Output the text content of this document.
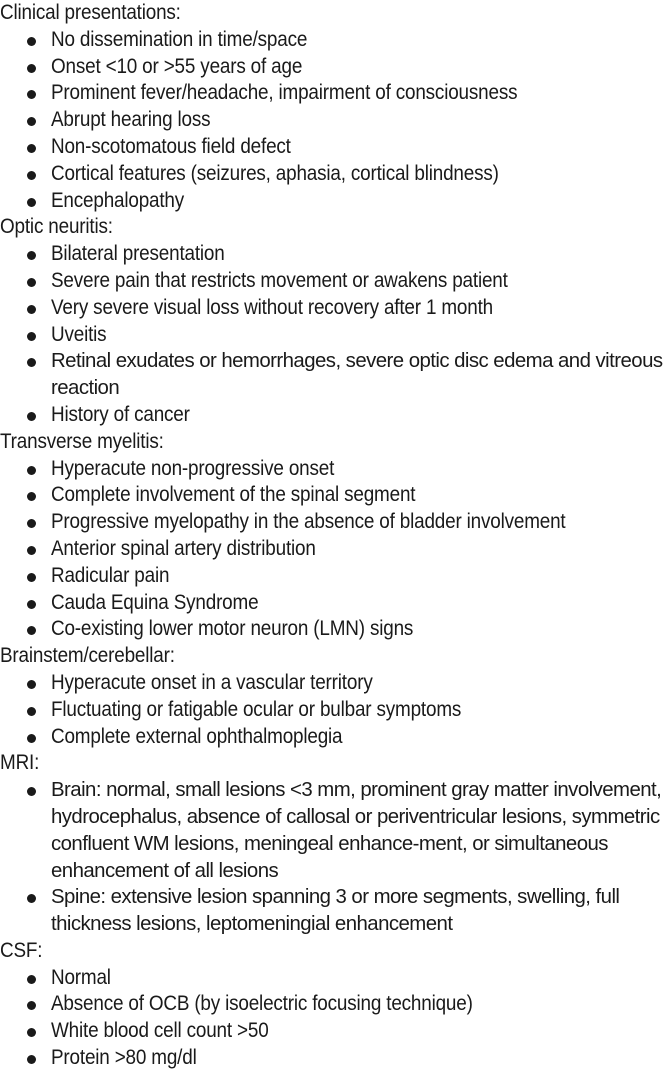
Clinical presentations:
No dissemination in time/space
Onset <10 or >55 years of age
Prominent fever/headache, impairment of consciousness
Abrupt hearing loss
Non-scotomatous field defect
Cortical features (seizures, aphasia, cortical blindness)
Encephalopathy
Optic neuritis:
Bilateral presentation
Severe pain that restricts movement or awakens patient
Very severe visual loss without recovery after 1 month
Uveitis
Retinal exudates or hemorrhages, severe optic disc edema and vitreous reaction
History of cancer
Transverse myelitis:
Hyperacute non-progressive onset
Complete involvement of the spinal segment
Progressive myelopathy in the absence of bladder involvement
Anterior spinal artery distribution
Radicular pain
Cauda Equina Syndrome
Co-existing lower motor neuron (LMN) signs
Brainstem/cerebellar:
Hyperacute onset in a vascular territory
Fluctuating or fatigable ocular or bulbar symptoms
Complete external ophthalmoplegia
MRI:
Brain: normal, small lesions <3 mm, prominent gray matter involvement, hydrocephalus, absence of callosal or periventricular lesions, symmetric confluent WM lesions, meningeal enhance-ment, or simultaneous enhancement of all lesions
Spine: extensive lesion spanning 3 or more segments, swelling, full thickness lesions, leptomeningial enhancement
CSF:
Normal
Absence of OCB (by isoelectric focusing technique)
White blood cell count >50
Protein >80 mg/dl
